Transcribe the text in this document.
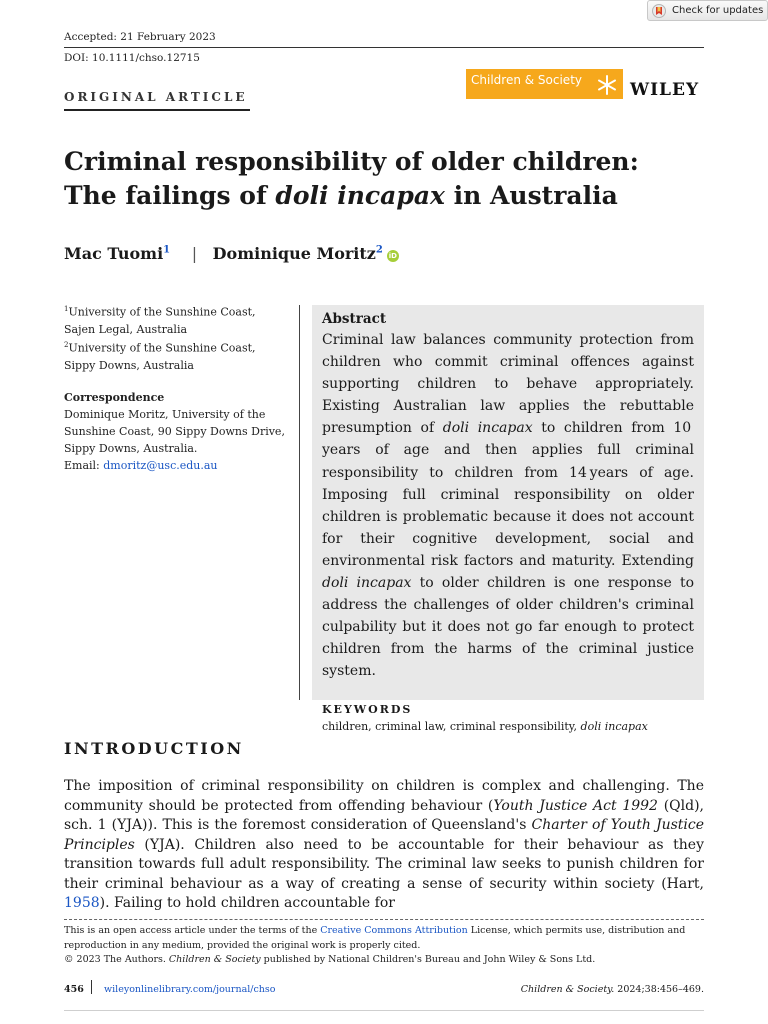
Check for updates
Accepted: 21 February 2023
DOI: 10.1111/chso.12715
Children & Society	WILEY
ORIGINAL ARTICLE
Criminal responsibility of older children:
The failings of doli incapax in Australia
Mac Tuomi$^1$ | Dominique Moritz$^2$iD
$^1$University of the Sunshine Coast, Sajen Legal, Australia
$^2$University of the Sunshine Coast, Sippy Downs, Australia
Correspondence
Dominique Moritz, University of the Sunshine Coast, 90 Sippy Downs Drive, Sippy Downs, Australia.
Email: dmoritz@usc.edu.au
Abstract
Criminal law balances community protection from children who commit criminal offences against supporting children to behave appropriately. Existing Australian law applies the rebuttable presumption of doli incapax to children from 10 years of age and then applies full criminal responsibility to children from 14 years of age. Imposing full criminal responsibility on older children is problematic because it does not account for their cognitive development, social and environmental risk factors and maturity. Extending doli incapax to older children is one response to address the challenges of older children's criminal culpability but it does not go far enough to protect children from the harms of the criminal justice system.
KEYWORDS
children, criminal law, criminal responsibility, doli incapax
INTRODUCTION
The imposition of criminal responsibility on children is complex and challenging. The community should be protected from offending behaviour (Youth Justice Act 1992 (Qld), sch. 1 (YJA)). This is the foremost consideration of Queensland's Charter of Youth Justice Principles (YJA). Children also need to be accountable for their behaviour as they transition towards full adult responsibility. The criminal law seeks to punish children for their criminal behaviour as a way of creating a sense of security within society (Hart, 1958). Failing to hold children accountable for
This is an open access article under the terms of the Creative Commons Attribution License, which permits use, distribution and reproduction in any medium, provided the original work is properly cited.
© 2023 The Authors. Children & Society published by National Children's Bureau and John Wiley & Sons Ltd.
456 wileyonlinelibrary.com/journal/chso	Children & Society. 2024;38:456–469.
